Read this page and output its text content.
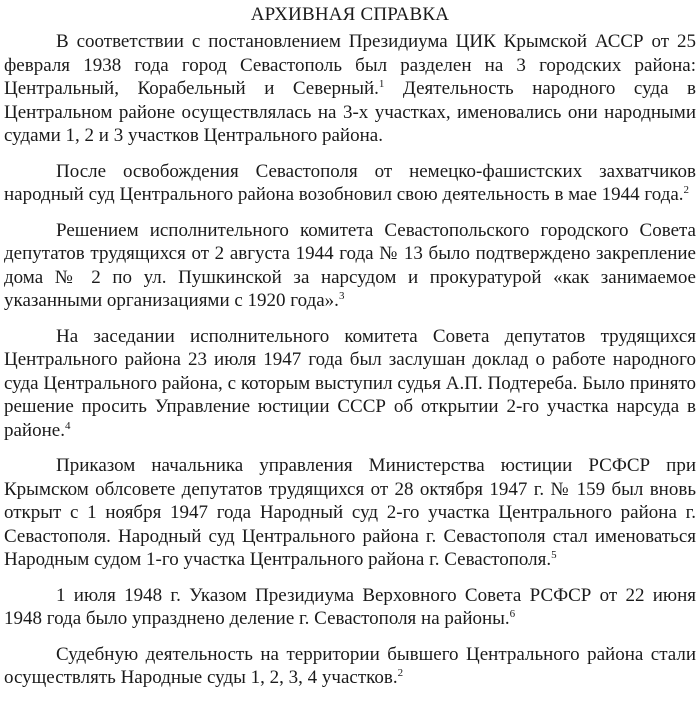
АРХИВНАЯ СПРАВКА

В соответствии с постановлением Президиума ЦИК Крымской АССР от 25 февраля 1938 года город Севастополь был разделен на 3 городских района: Центральный, Корабельный и Северный.$^1$ Деятельность народного суда в Центральном районе осуществлялась на 3-х участках, именовались они народными судами 1, 2 и 3 участков Центрального района.

После освобождения Севастополя от немецко-фашистских захватчиков народный суд Центрального района возобновил свою деятельность в мае 1944 года.$^2$

Решением исполнительного комитета Севастопольского городского Совета депутатов трудящихся от 2 августа 1944 года № 13 было подтверждено закрепление дома № 2 по ул. Пушкинской за нарсудом и прокуратурой «как занимаемое указанными организациями с 1920 года».$^3$

На заседании исполнительного комитета Совета депутатов трудящихся Центрального района 23 июля 1947 года был заслушан доклад о работе народного суда Центрального района, с которым выступил судья А.П. Подтереба. Было принято решение просить Управление юстиции СССР об открытии 2-го участка нарсуда в районе.$^4$

Приказом начальника управления Министерства юстиции РСФСР при Крымском облсовете депутатов трудящихся от 28 октября 1947 г. № 159 был вновь открыт с 1 ноября 1947 года Народный суд 2-го участка Центрального района г. Севастополя. Народный суд Центрального района г. Севастополя стал именоваться Народным судом 1-го участка Центрального района г. Севастополя.$^5$

1 июля 1948 г. Указом Президиума Верховного Совета РСФСР от 22 июня 1948 года было упразднено деление г. Севастополя на районы.$^6$

Судебную деятельность на территории бывшего Центрального района стали осуществлять Народные суды 1, 2, 3, 4 участков.$^2$
